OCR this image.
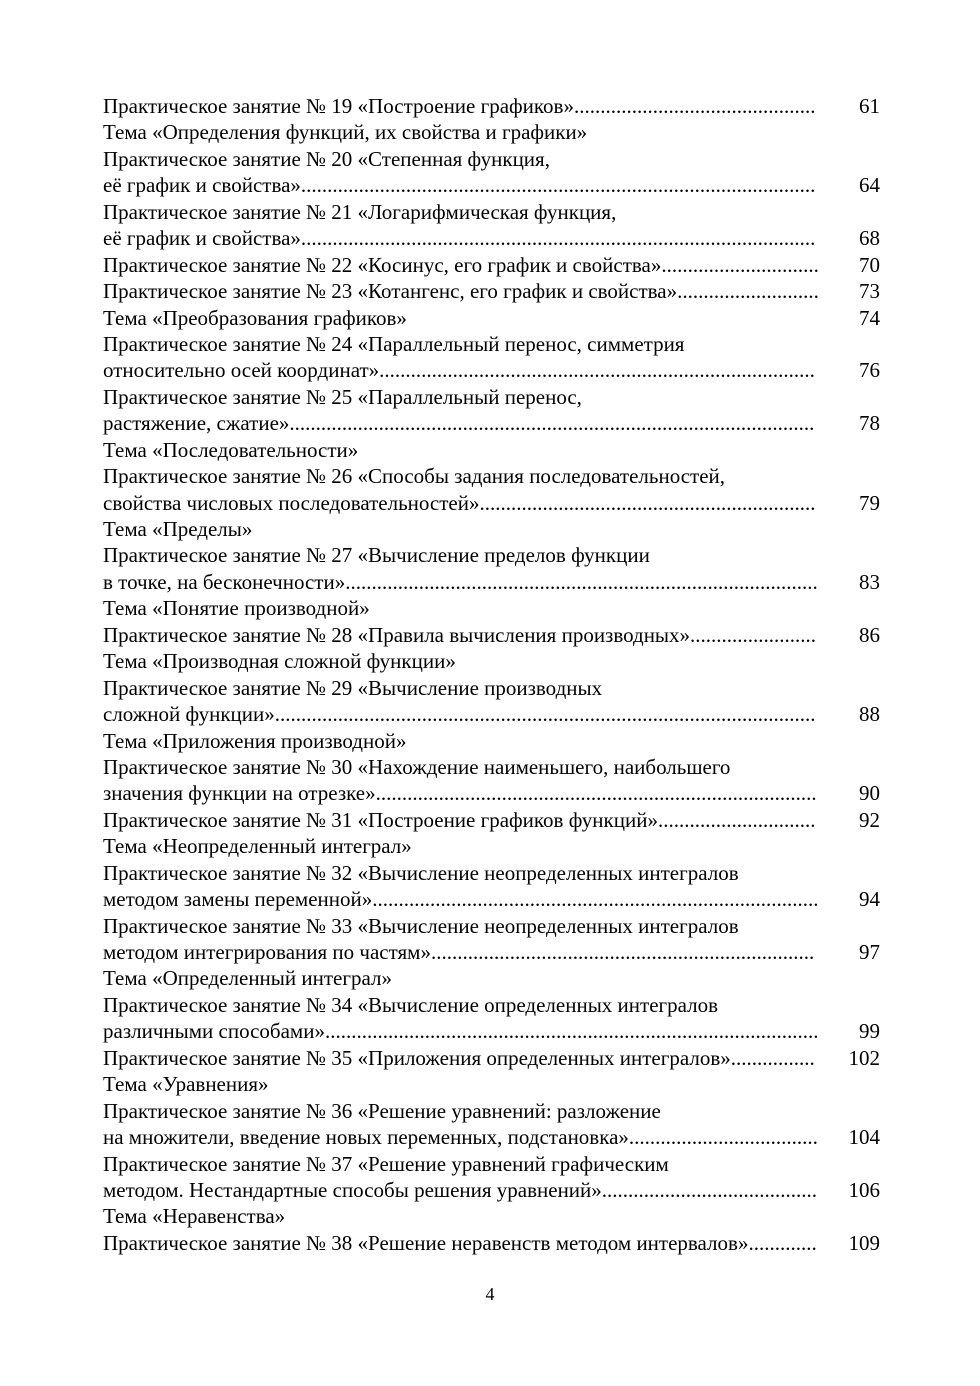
Практическое занятие № 19 «Построение графиков»..............................................	61
Тема «Определения функций, их свойства и графики»
Практическое занятие № 20 «Степенная функция,
её график и свойства»..................................................................................................	64
Практическое занятие № 21 «Логарифмическая функция,
её график и свойства»..................................................................................................	68
Практическое занятие № 22 «Косинус, его график и свойства»..............................	70
Практическое занятие № 23 «Котангенс, его график и свойства»...........................	73
Тема «Преобразования графиков»	74
Практическое занятие № 24 «Параллельный перенос, симметрия
относительно осей координат»...................................................................................	76
Практическое занятие № 25 «Параллельный перенос,
растяжение, сжатие»....................................................................................................	78
Тема «Последовательности»
Практическое занятие № 26 «Способы задания последовательностей,
свойства числовых последовательностей»................................................................	79
Тема «Пределы»
Практическое занятие № 27 «Вычисление пределов функции
в точке, на бесконечности»..........................................................................................	83
Тема «Понятие производной»
Практическое занятие № 28 «Правила вычисления производных»........................	86
Тема «Производная сложной функции»
Практическое занятие № 29 «Вычисление производных
сложной функции».......................................................................................................	88
Тема «Приложения производной»
Практическое занятие № 30 «Нахождение наименьшего, наибольшего
значения функции на отрезке»....................................................................................	90
Практическое занятие № 31 «Построение графиков функций»..............................	92
Тема «Неопределенный интеграл»
Практическое занятие № 32 «Вычисление неопределенных интегралов
методом замены переменной».....................................................................................	94
Практическое занятие № 33 «Вычисление неопределенных интегралов
методом интегрирования по частям».........................................................................	97
Тема «Определенный интеграл»
Практическое занятие № 34 «Вычисление определенных интегралов
различными способами»..............................................................................................	99
Практическое занятие № 35 «Приложения определенных интегралов»................	102
Тема «Уравнения»
Практическое занятие № 36 «Решение уравнений: разложение
на множители, введение новых переменных, подстановка»....................................	104
Практическое занятие № 37 «Решение уравнений графическим
методом. Нестандартные способы решения уравнений».........................................	106
Тема «Неравенства»
Практическое занятие № 38 «Решение неравенств методом интервалов».............	109
4
